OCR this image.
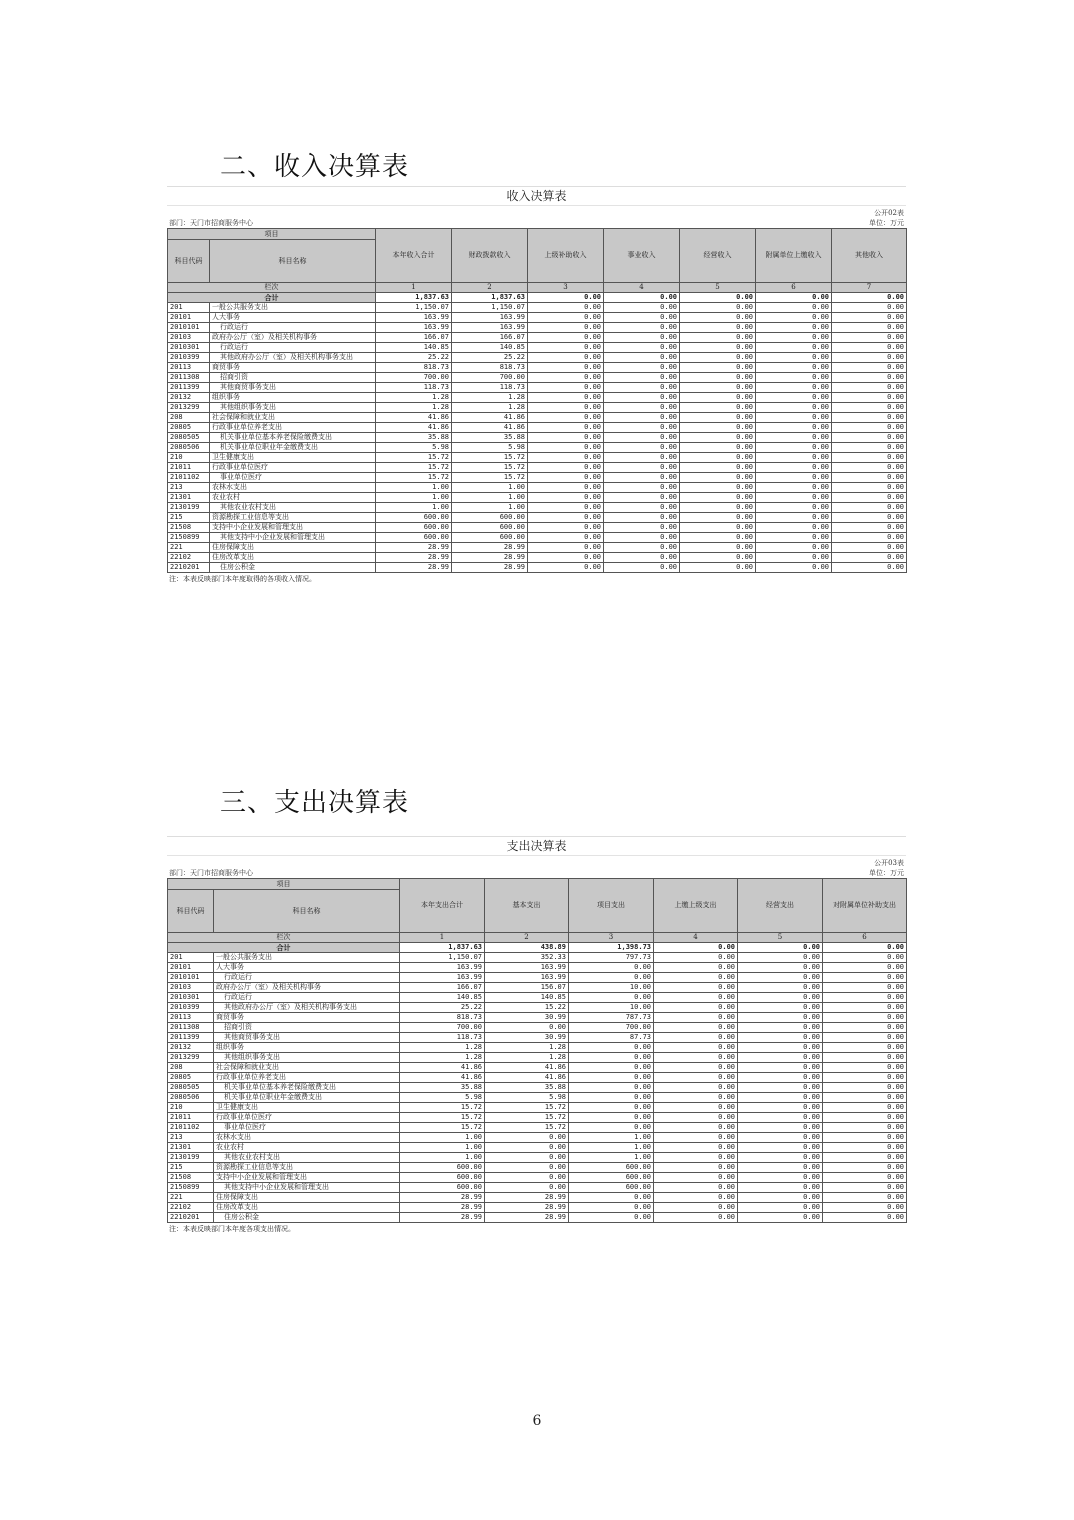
二、收入决算表
收入决算表
部门：天门市招商服务中心
公开02表
单位：万元
项目		本年收入合计	财政拨款收入	上级补助收入	事业收入	经营收入	附属单位上缴收入	其他收入
科目代码	科目名称							
栏次		1	2	3	4	5	6	7
合计		1,837.63	1,837.63	0.00	0.00	0.00	0.00	0.00
201	一般公共服务支出	1,150.07	1,150.07	0.00	0.00	0.00	0.00	0.00
20101	人大事务	163.99	163.99	0.00	0.00	0.00	0.00	0.00
2010101	行政运行	163.99	163.99	0.00	0.00	0.00	0.00	0.00
20103	政府办公厅（室）及相关机构事务	166.07	166.07	0.00	0.00	0.00	0.00	0.00
2010301	行政运行	140.85	140.85	0.00	0.00	0.00	0.00	0.00
2010399	其他政府办公厅（室）及相关机构事务支出	25.22	25.22	0.00	0.00	0.00	0.00	0.00
20113	商贸事务	818.73	818.73	0.00	0.00	0.00	0.00	0.00
2011308	招商引资	700.00	700.00	0.00	0.00	0.00	0.00	0.00
2011399	其他商贸事务支出	118.73	118.73	0.00	0.00	0.00	0.00	0.00
20132	组织事务	1.28	1.28	0.00	0.00	0.00	0.00	0.00
2013299	其他组织事务支出	1.28	1.28	0.00	0.00	0.00	0.00	0.00
208	社会保障和就业支出	41.86	41.86	0.00	0.00	0.00	0.00	0.00
20805	行政事业单位养老支出	41.86	41.86	0.00	0.00	0.00	0.00	0.00
2080505	机关事业单位基本养老保险缴费支出	35.88	35.88	0.00	0.00	0.00	0.00	0.00
2080506	机关事业单位职业年金缴费支出	5.98	5.98	0.00	0.00	0.00	0.00	0.00
210	卫生健康支出	15.72	15.72	0.00	0.00	0.00	0.00	0.00
21011	行政事业单位医疗	15.72	15.72	0.00	0.00	0.00	0.00	0.00
2101102	事业单位医疗	15.72	15.72	0.00	0.00	0.00	0.00	0.00
213	农林水支出	1.00	1.00	0.00	0.00	0.00	0.00	0.00
21301	农业农村	1.00	1.00	0.00	0.00	0.00	0.00	0.00
2130199	其他农业农村支出	1.00	1.00	0.00	0.00	0.00	0.00	0.00
215	资源勘探工业信息等支出	600.00	600.00	0.00	0.00	0.00	0.00	0.00
21508	支持中小企业发展和管理支出	600.00	600.00	0.00	0.00	0.00	0.00	0.00
2150899	其他支持中小企业发展和管理支出	600.00	600.00	0.00	0.00	0.00	0.00	0.00
221	住房保障支出	28.99	28.99	0.00	0.00	0.00	0.00	0.00
22102	住房改革支出	28.99	28.99	0.00	0.00	0.00	0.00	0.00
2210201	住房公积金	28.99	28.99	0.00	0.00	0.00	0.00	0.00
注：本表反映部门本年度取得的各项收入情况。
三、支出决算表
支出决算表
部门：天门市招商服务中心
公开03表
单位：万元
项目		本年支出合计	基本支出	项目支出	上缴上级支出	经营支出	对附属单位补助支出
科目代码	科目名称						
栏次		1	2	3	4	5	6
合计		1,837.63	438.89	1,398.73	0.00	0.00	0.00
201	一般公共服务支出	1,150.07	352.33	797.73	0.00	0.00	0.00
20101	人大事务	163.99	163.99	0.00	0.00	0.00	0.00
2010101	行政运行	163.99	163.99	0.00	0.00	0.00	0.00
20103	政府办公厅（室）及相关机构事务	166.07	156.07	10.00	0.00	0.00	0.00
2010301	行政运行	140.85	140.85	0.00	0.00	0.00	0.00
2010399	其他政府办公厅（室）及相关机构事务支出	25.22	15.22	10.00	0.00	0.00	0.00
20113	商贸事务	818.73	30.99	787.73	0.00	0.00	0.00
2011308	招商引资	700.00	0.00	700.00	0.00	0.00	0.00
2011399	其他商贸事务支出	118.73	30.99	87.73	0.00	0.00	0.00
20132	组织事务	1.28	1.28	0.00	0.00	0.00	0.00
2013299	其他组织事务支出	1.28	1.28	0.00	0.00	0.00	0.00
208	社会保障和就业支出	41.86	41.86	0.00	0.00	0.00	0.00
20805	行政事业单位养老支出	41.86	41.86	0.00	0.00	0.00	0.00
2080505	机关事业单位基本养老保险缴费支出	35.88	35.88	0.00	0.00	0.00	0.00
2080506	机关事业单位职业年金缴费支出	5.98	5.98	0.00	0.00	0.00	0.00
210	卫生健康支出	15.72	15.72	0.00	0.00	0.00	0.00
21011	行政事业单位医疗	15.72	15.72	0.00	0.00	0.00	0.00
2101102	事业单位医疗	15.72	15.72	0.00	0.00	0.00	0.00
213	农林水支出	1.00	0.00	1.00	0.00	0.00	0.00
21301	农业农村	1.00	0.00	1.00	0.00	0.00	0.00
2130199	其他农业农村支出	1.00	0.00	1.00	0.00	0.00	0.00
215	资源勘探工业信息等支出	600.00	0.00	600.00	0.00	0.00	0.00
21508	支持中小企业发展和管理支出	600.00	0.00	600.00	0.00	0.00	0.00
2150899	其他支持中小企业发展和管理支出	600.00	0.00	600.00	0.00	0.00	0.00
221	住房保障支出	28.99	28.99	0.00	0.00	0.00	0.00
22102	住房改革支出	28.99	28.99	0.00	0.00	0.00	0.00
2210201	住房公积金	28.99	28.99	0.00	0.00	0.00	0.00
注：本表反映部门本年度各项支出情况。
6
